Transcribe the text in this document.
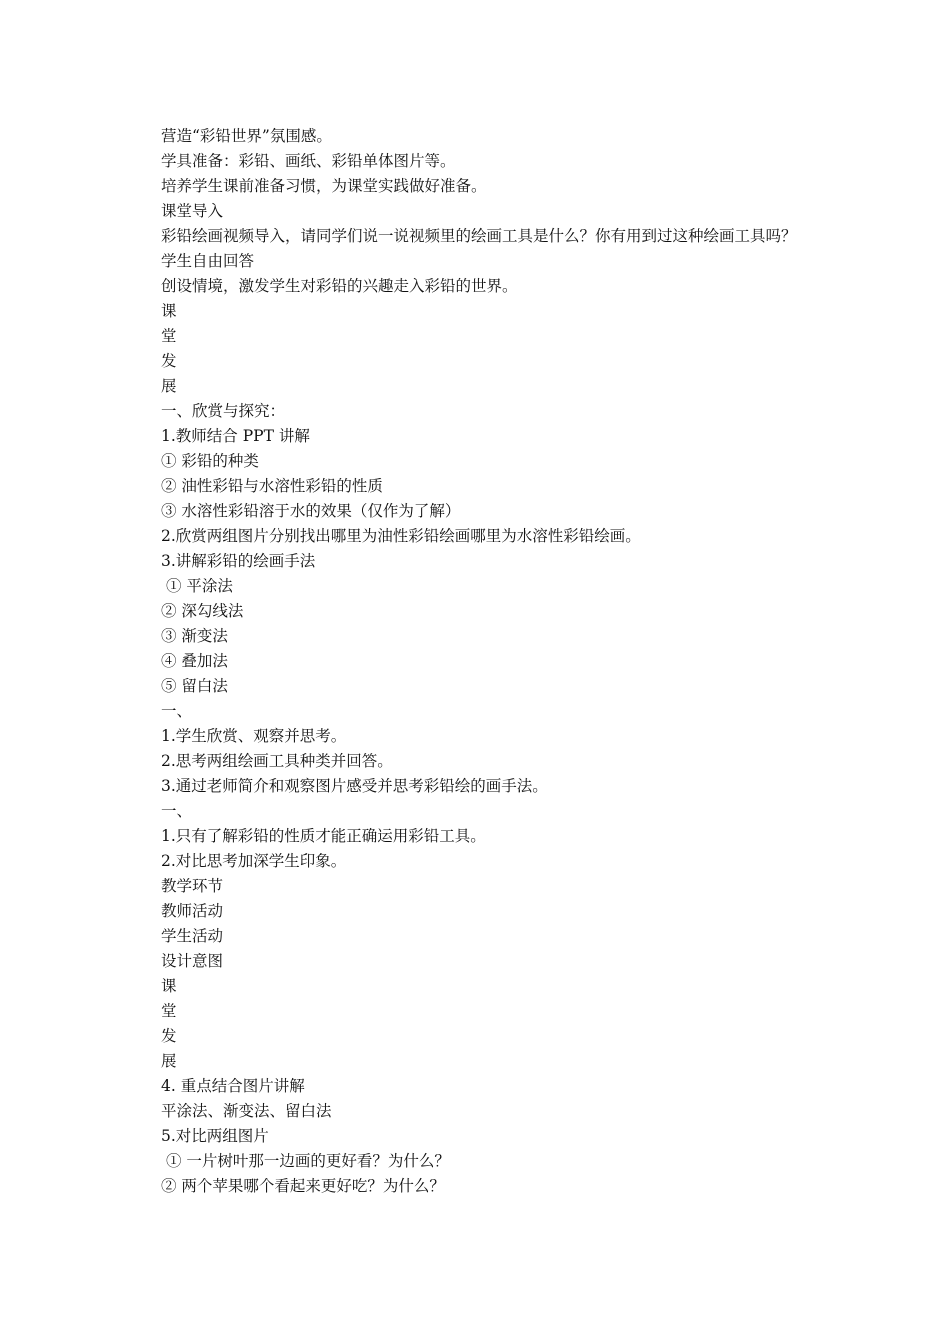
营造“彩铅世界”氛围感。
学具准备：彩铅、画纸、彩铅单体图片等。
培养学生课前准备习惯，为课堂实践做好准备。
课堂导入
彩铅绘画视频导入，请同学们说一说视频里的绘画工具是什么？你有用到过这种绘画工具吗？
学生自由回答
创设情境，激发学生对彩铅的兴趣走入彩铅的世界。
课
堂
发
展
一、欣赏与探究：
1.教师结合 PPT 讲解
① 彩铅的种类
② 油性彩铅与水溶性彩铅的性质
③ 水溶性彩铅溶于水的效果（仅作为了解）
2.欣赏两组图片分别找出哪里为油性彩铅绘画哪里为水溶性彩铅绘画。
3.讲解彩铅的绘画手法
① 平涂法
② 深勾线法
③ 渐变法
④ 叠加法
⑤ 留白法
一、
1.学生欣赏、观察并思考。
2.思考两组绘画工具种类并回答。
3.通过老师简介和观察图片感受并思考彩铅绘的画手法。
一、
1.只有了解彩铅的性质才能正确运用彩铅工具。
2.对比思考加深学生印象。
教学环节
教师活动
学生活动
设计意图
课
堂
发
展
4. 重点结合图片讲解
平涂法、渐变法、留白法
5.对比两组图片
① 一片树叶那一边画的更好看？为什么？
② 两个苹果哪个看起来更好吃？为什么？
